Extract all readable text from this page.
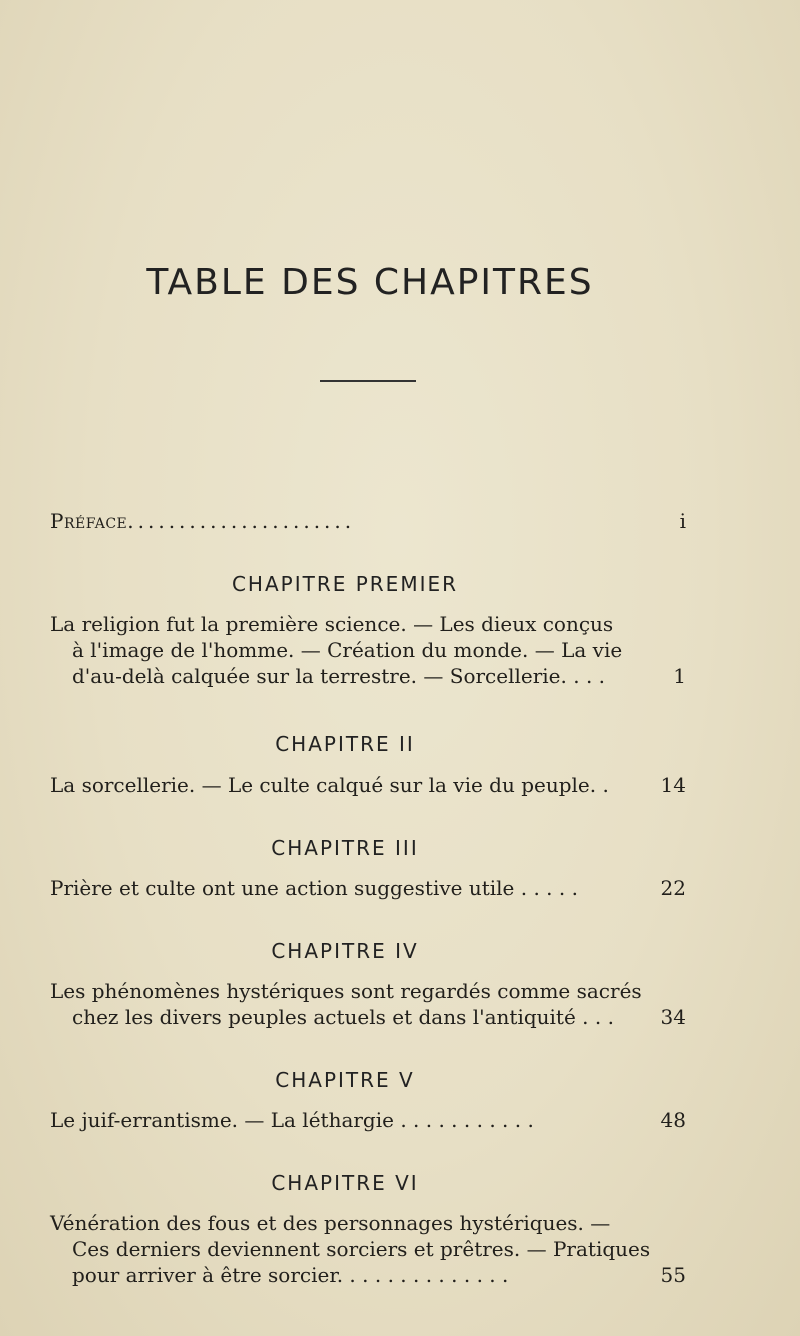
TABLE DES CHAPITRES
Préface......................	i
CHAPITRE PREMIER
La religion fut la première science. — Les dieux conçus
à l'image de l'homme. — Création du monde. — La vie
d'au-delà calquée sur la terrestre. — Sorcellerie. . . .	1
CHAPITRE II
La sorcellerie. — Le culte calqué sur la vie du peuple. .	14
CHAPITRE III
Prière et culte ont une action suggestive utile . . . . .	22
CHAPITRE IV
Les phénomènes hystériques sont regardés comme sacrés
chez les divers peuples actuels et dans l'antiquité . . .	34
CHAPITRE V
Le juif-errantisme. — La léthargie . . . . . . . . . . .	48
CHAPITRE VI
Vénération des fous et des personnages hystériques. —
Ces derniers deviennent sorciers et prêtres. — Pratiques
pour arriver à être sorcier. . . . . . . . . . . . . .	55
